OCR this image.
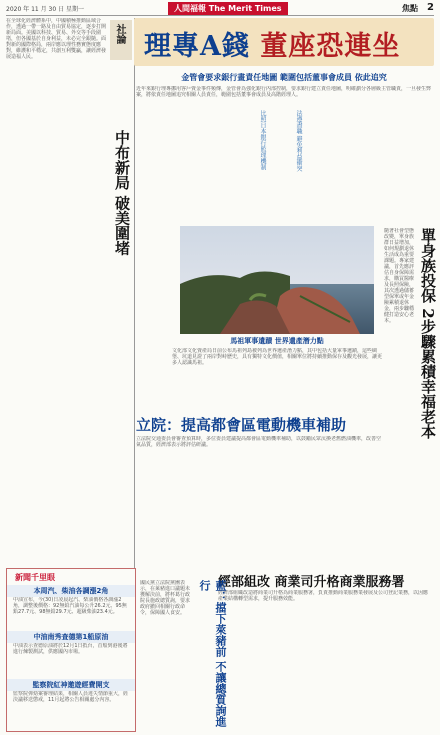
2020 年 11 月 30 日 星期一	人間福報 The Merit Times	焦點 2
在全球化經濟體系中，中國積極推動區域合作，透過一帶一路及自由貿易協定，逐步打開新局面。美國以科技、貿易、外交等手段圍堵，但各國基於自身利益，未必完全跟隨。面對新的國際格局，兩岸應以理性務實態度應對，維護和平穩定，共創互利雙贏，讓經濟發展造福人民。
社論
中布新局 破美圍堵
理專A錢 董座恐連坐
金管會要求銀行畫責任地圖 範圍包括董事會成員 依此追究
近年來銀行理專挪用客戶資金事件頻傳，金管會為強化銀行內部控制，要求銀行建立責任地圖，明確劃分各層級主管職責，一旦發生弊案，將依責任地圖追究相關人員責任，範圍包括董事會成員及高階經理人。
比照日本銀行監理機制	法遵盡職 避免利益衝突
單身族投保 2步驟累積幸福老本
隨著社會型態改變，單身族群日益增加，如何規劃退休生活成為重要課題。專家建議，首先應評估自身保障需求，購買醫療及長照保險，其次透過儲蓄型保單或年金險累積退休金，兩步驟穩健打造安心老本。
馬祖軍事遺蹟 世界遺產潛力點
文化部文化資產局日前公布馬祖列島被列為世界遺產潛力點，其中包括大量軍事遺蹟，這些碉堡、坑道見證了兩岸對峙歷史，具有獨特文化價值，相關單位將持續推動保存及觀光發展，讓更多人認識馬祖。
立院：提高都會區電動機車補助
立法院交通委員會審查預算時，多位委員建議提高都會區電動機車補助，以鼓勵民眾汰換老舊燃油機車，改善空氣品質，經濟部表示將評估研議。
經部組改 商業司升格商業服務署
經濟部組織改造將商業司升格為商業服務署，負責推動商業服務業發展及公司登記業務，以因應產業結構轉型需求，提升服務效能。
藍：擋下萊豬前 不讓總質詢進行
國民黨立法院黨團表示，在萊豬進口議題未獲解決前，將杯葛行政院長施政總質詢，要求政府撤回相關行政命令，保障國人食安。
新聞千里眼
本周汽、柴油各調漲2角
中油宣布，今(30)日凌晨起汽、柴油價格各調漲2角，調整後價格：92無鉛汽油每公升26.2元、95無鉛27.7元、98無鉛29.7元、超級柴油23.4元。
中油南秀查德第1船原油
中油表示查德原油將於12月1日抵台，首船到港後將進行煉製測試，供應國內市場。
監察院紅神邀遊經費開支
監察院彈劾案審理結果，相關人員違失情節重大，經決議移送懲戒，11月起將公告相關處分內容。
